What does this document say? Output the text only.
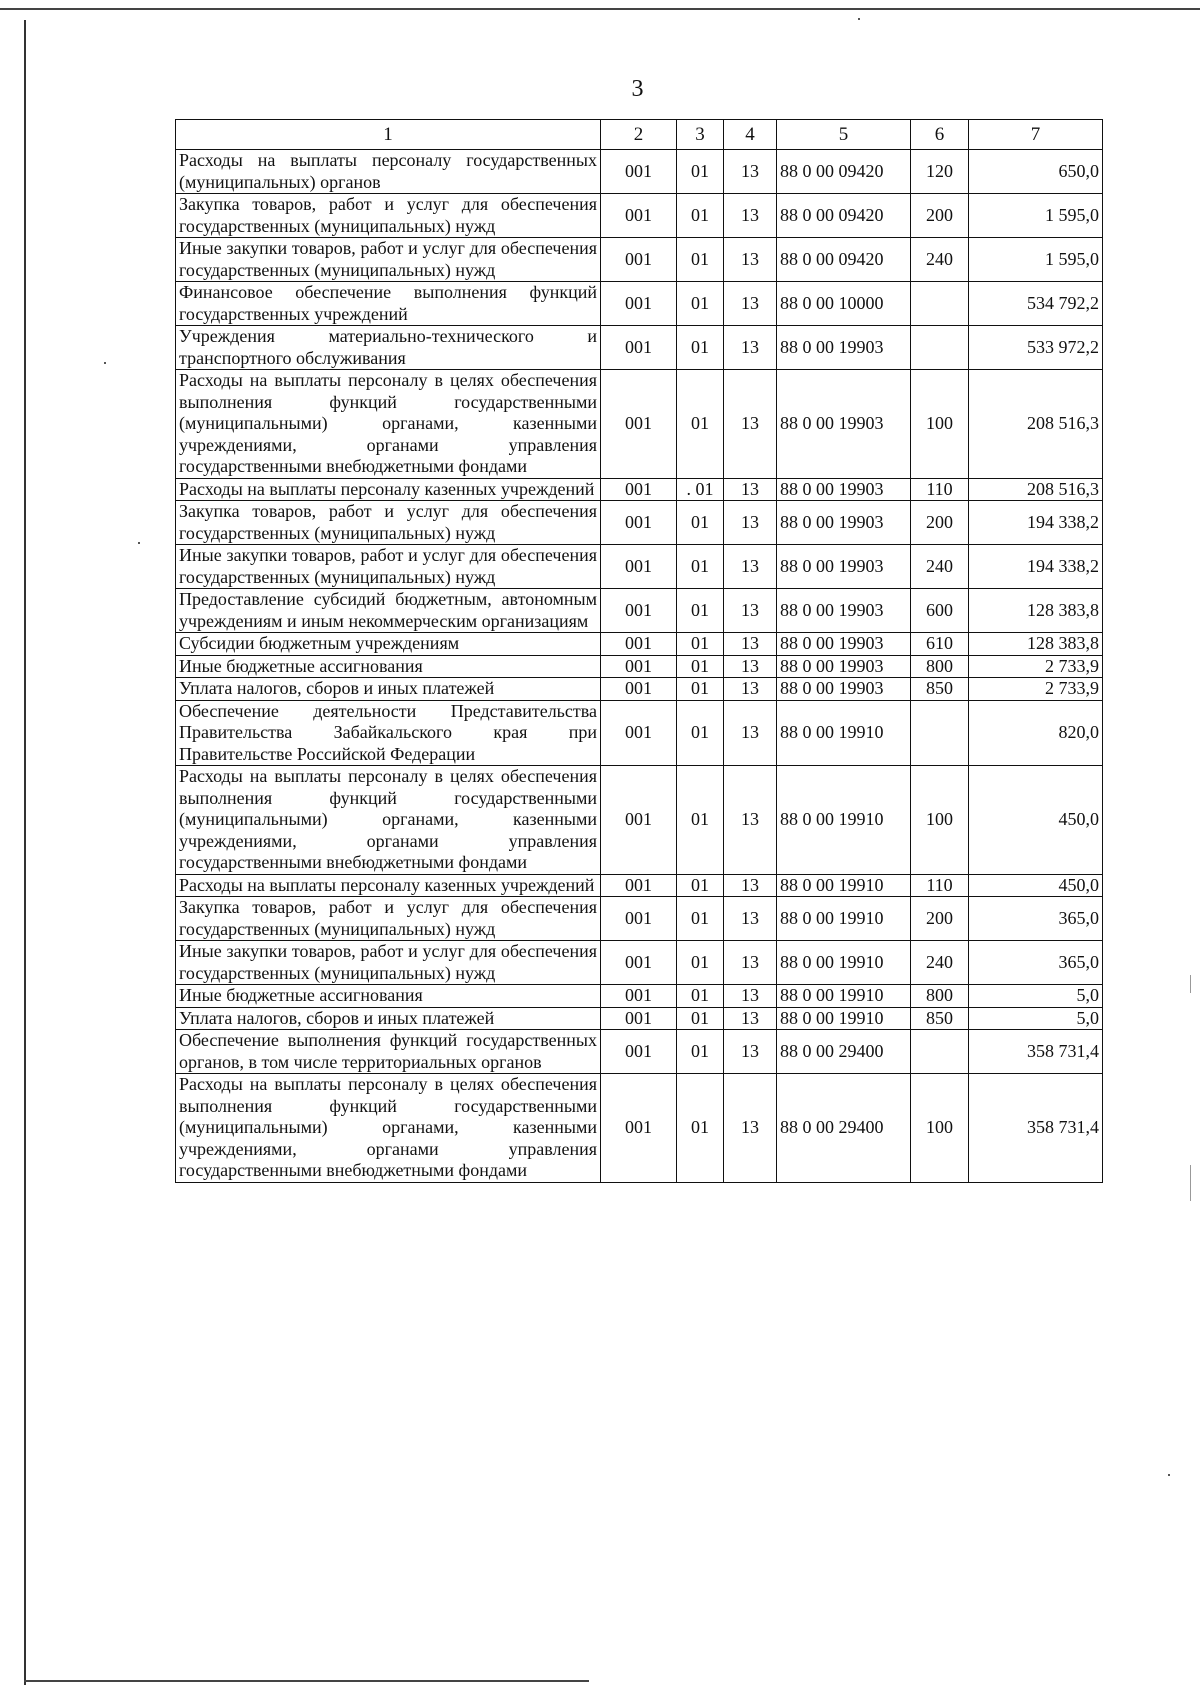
3
1	2	3	4	5	6	7
Расходы на выплаты персоналу государственных (муниципальных) органов	001	01	13	88 0 00 09420	120	650,0
Закупка товаров, работ и услуг для обеспечения государственных (муниципальных) нужд	001	01	13	88 0 00 09420	200	1 595,0
Иные закупки товаров, работ и услуг для обеспечения государственных (муниципальных) нужд	001	01	13	88 0 00 09420	240	1 595,0
Финансовое обеспечение выполнения функций государственных учреждений	001	01	13	88 0 00 10000		534 792,2
Учреждения материально-технического и транспортного обслуживания	001	01	13	88 0 00 19903		533 972,2
Расходы на выплаты персоналу в целях обеспечения выполнения функций государственными (муниципальными) органами, казенными учреждениями, органами управления государственными внебюджетными фондами	001	01	13	88 0 00 19903	100	208 516,3
Расходы на выплаты персоналу казенных учреждений	001	. 01	13	88 0 00 19903	110	208 516,3
Закупка товаров, работ и услуг для обеспечения государственных (муниципальных) нужд	001	01	13	88 0 00 19903	200	194 338,2
Иные закупки товаров, работ и услуг для обеспечения государственных (муниципальных) нужд	001	01	13	88 0 00 19903	240	194 338,2
Предоставление субсидий бюджетным, автономным учреждениям и иным некоммерческим организациям	001	01	13	88 0 00 19903	600	128 383,8
Субсидии бюджетным учреждениям	001	01	13	88 0 00 19903	610	128 383,8
Иные бюджетные ассигнования	001	01	13	88 0 00 19903	800	2 733,9
Уплата налогов, сборов и иных платежей	001	01	13	88 0 00 19903	850	2 733,9
Обеспечение деятельности Представительства Правительства Забайкальского края при Правительстве Российской Федерации	001	01	13	88 0 00 19910		820,0
Расходы на выплаты персоналу в целях обеспечения выполнения функций государственными (муниципальными) органами, казенными учреждениями, органами управления государственными внебюджетными фондами	001	01	13	88 0 00 19910	100	450,0
Расходы на выплаты персоналу казенных учреждений	001	01	13	88 0 00 19910	110	450,0
Закупка товаров, работ и услуг для обеспечения государственных (муниципальных) нужд	001	01	13	88 0 00 19910	200	365,0
Иные закупки товаров, работ и услуг для обеспечения государственных (муниципальных) нужд	001	01	13	88 0 00 19910	240	365,0
Иные бюджетные ассигнования	001	01	13	88 0 00 19910	800	5,0
Уплата налогов, сборов и иных платежей	001	01	13	88 0 00 19910	850	5,0
Обеспечение выполнения функций государственных органов, в том числе территориальных органов	001	01	13	88 0 00 29400		358 731,4
Расходы на выплаты персоналу в целях обеспечения выполнения функций государственными (муниципальными) органами, казенными учреждениями, органами управления государственными внебюджетными фондами	001	01	13	88 0 00 29400	100	358 731,4
